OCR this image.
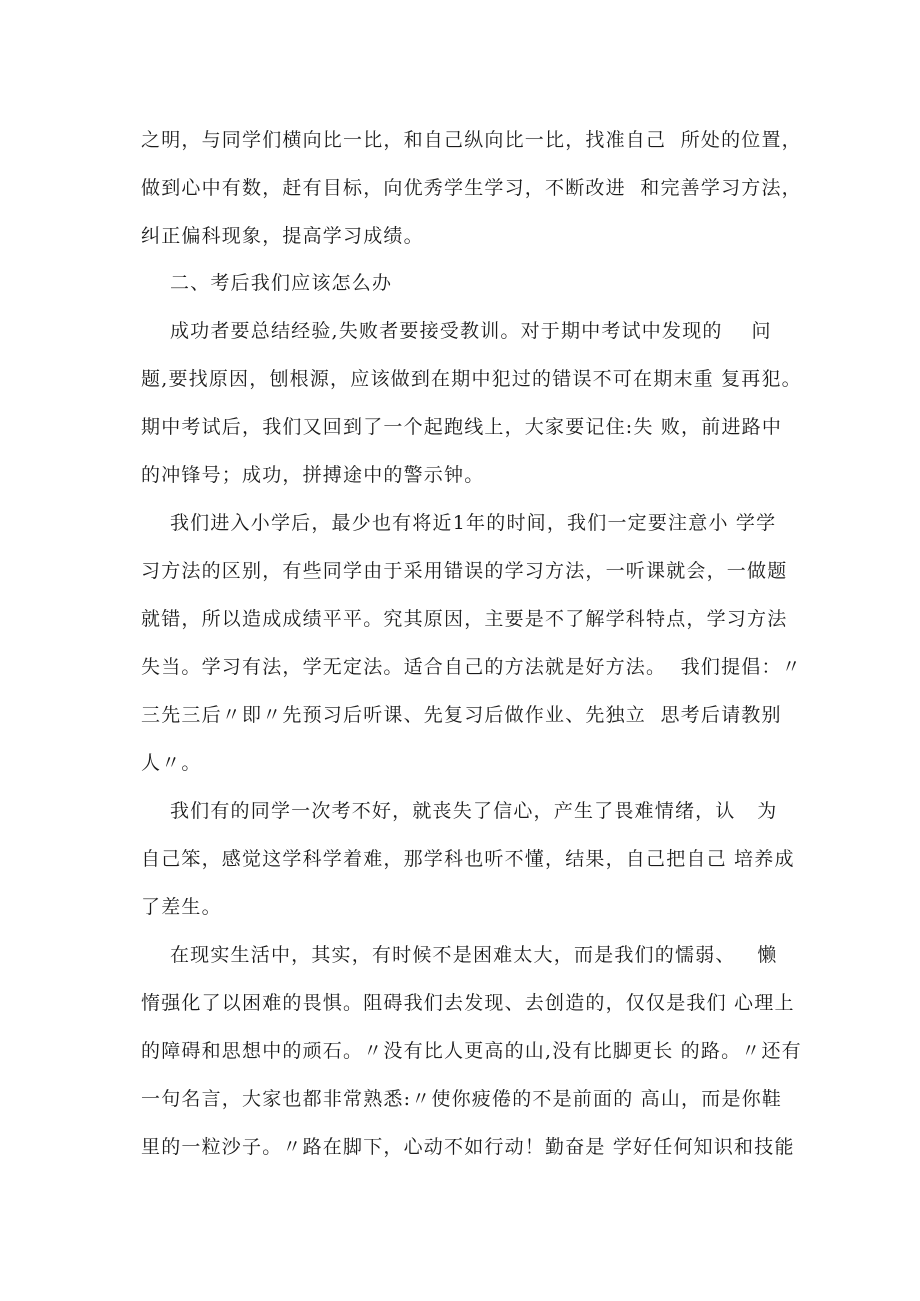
之明，与同学们横向比一比，和自己纵向比一比，找准自己  所处的位置，
做到心中有数，赶有目标，向优秀学生学习，不断改进  和完善学习方法，
纠正偏科现象，提高学习成绩。
二、考后我们应该怎么办
成功者要总结经验,失败者要接受教训。对于期中考试中发现的    问
题,要找原因，刨根源，应该做到在期中犯过的错误不可在期末重 复再犯。
期中考试后，我们又回到了一个起跑线上，大家要记住:失 败，前进路中
的冲锋号；成功，拼搏途中的警示钟。
我们进入小学后，最少也有将近1年的时间，我们一定要注意小 学学
习方法的区别，有些同学由于采用错误的学习方法，一听课就会，一做题
就错，所以造成成绩平平。究其原因，主要是不了解学科特点，学习方法
失当。学习有法，学无定法。适合自己的方法就是好方法。  我们提倡：〃
三先三后〃即〃先预习后听课、先复习后做作业、先独立  思考后请教别
人〃。
我们有的同学一次考不好，就丧失了信心，产生了畏难情绪，认   为
自己笨，感觉这学科学着难，那学科也听不懂，结果，自己把自己 培养成
了差生。
在现实生活中，其实，有时候不是困难太大，而是我们的懦弱、   懒
惰强化了以困难的畏惧。阻碍我们去发现、去创造的，仅仅是我们 心理上
的障碍和思想中的顽石。〃没有比人更高的山,没有比脚更长 的路。〃还有
一句名言，大家也都非常熟悉:〃使你疲倦的不是前面的 高山，而是你鞋
里的一粒沙子。〃路在脚下，心动不如行动！勤奋是 学好任何知识和技能
